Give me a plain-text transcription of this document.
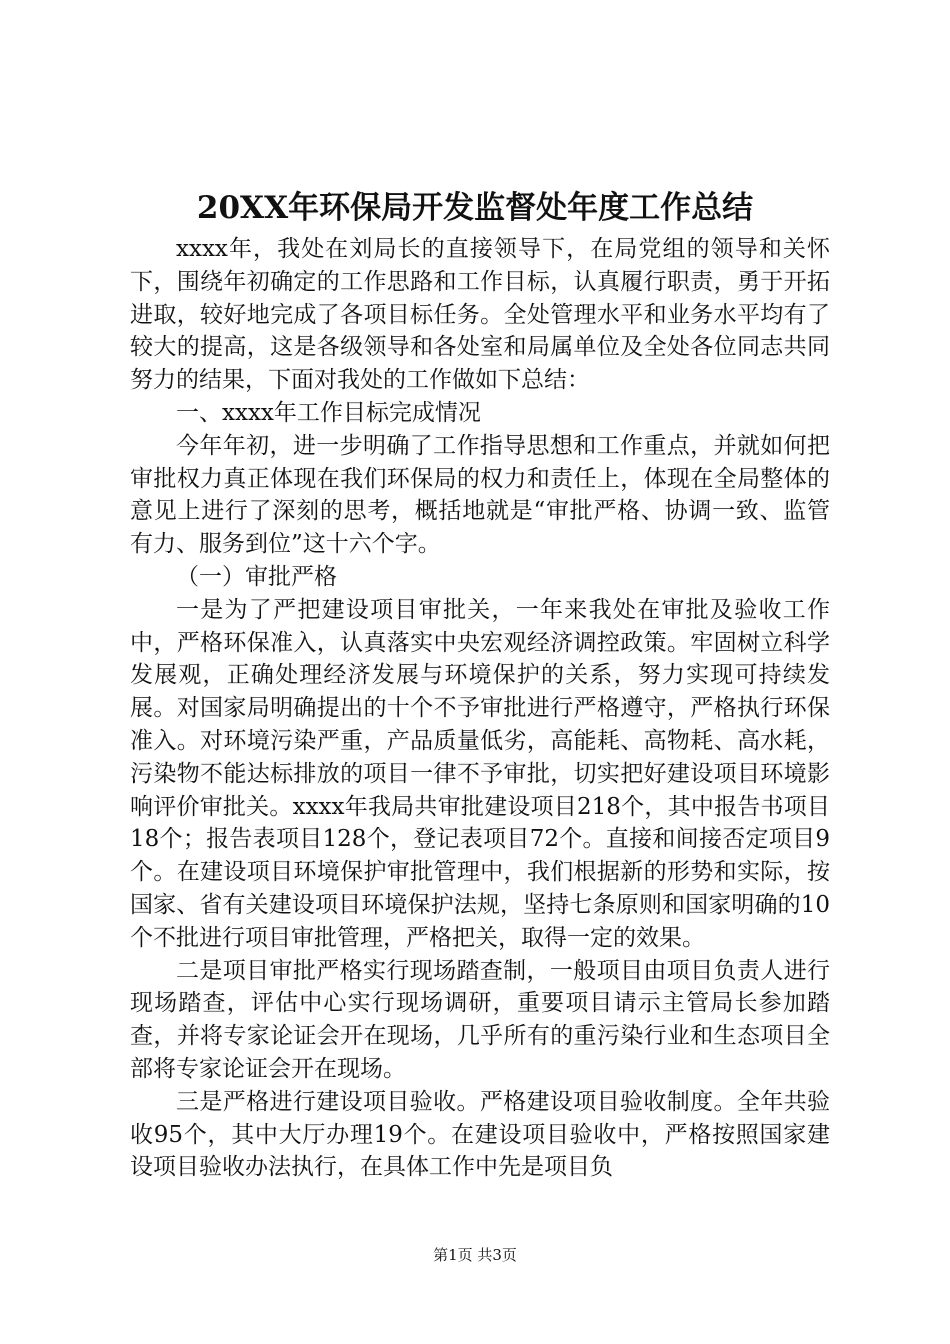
20XX年环保局开发监督处年度工作总结

xxxx年，我处在刘局长的直接领导下，在局党组的领导和关怀下，围绕年初确定的工作思路和工作目标，认真履行职责，勇于开拓进取，较好地完成了各项目标任务。全处管理水平和业务水平均有了较大的提高，这是各级领导和各处室和局属单位及全处各位同志共同努力的结果，下面对我处的工作做如下总结：

一、xxxx年工作目标完成情况

今年年初，进一步明确了工作指导思想和工作重点，并就如何把审批权力真正体现在我们环保局的权力和责任上，体现在全局整体的意见上进行了深刻的思考，概括地就是“审批严格、协调一致、监管有力、服务到位”这十六个字。

（一）审批严格

一是为了严把建设项目审批关，一年来我处在审批及验收工作中，严格环保准入，认真落实中央宏观经济调控政策。牢固树立科学发展观，正确处理经济发展与环境保护的关系，努力实现可持续发展。对国家局明确提出的十个不予审批进行严格遵守，严格执行环保准入。对环境污染严重，产品质量低劣，高能耗、高物耗、高水耗，污染物不能达标排放的项目一律不予审批，切实把好建设项目环境影响评价审批关。xxxx年我局共审批建设项目218个，其中报告书项目18个；报告表项目128个，登记表项目72个。直接和间接否定项目9个。在建设项目环境保护审批管理中，我们根据新的形势和实际，按国家、省有关建设项目环境保护法规，坚持七条原则和国家明确的10个不批进行项目审批管理，严格把关，取得一定的效果。

二是项目审批严格实行现场踏查制，一般项目由项目负责人进行现场踏查，评估中心实行现场调研，重要项目请示主管局长参加踏查，并将专家论证会开在现场，几乎所有的重污染行业和生态项目全部将专家论证会开在现场。

三是严格进行建设项目验收。严格建设项目验收制度。全年共验收95个，其中大厅办理19个。在建设项目验收中，严格按照国家建设项目验收办法执行，在具体工作中先是项目负

第1页 共3页
